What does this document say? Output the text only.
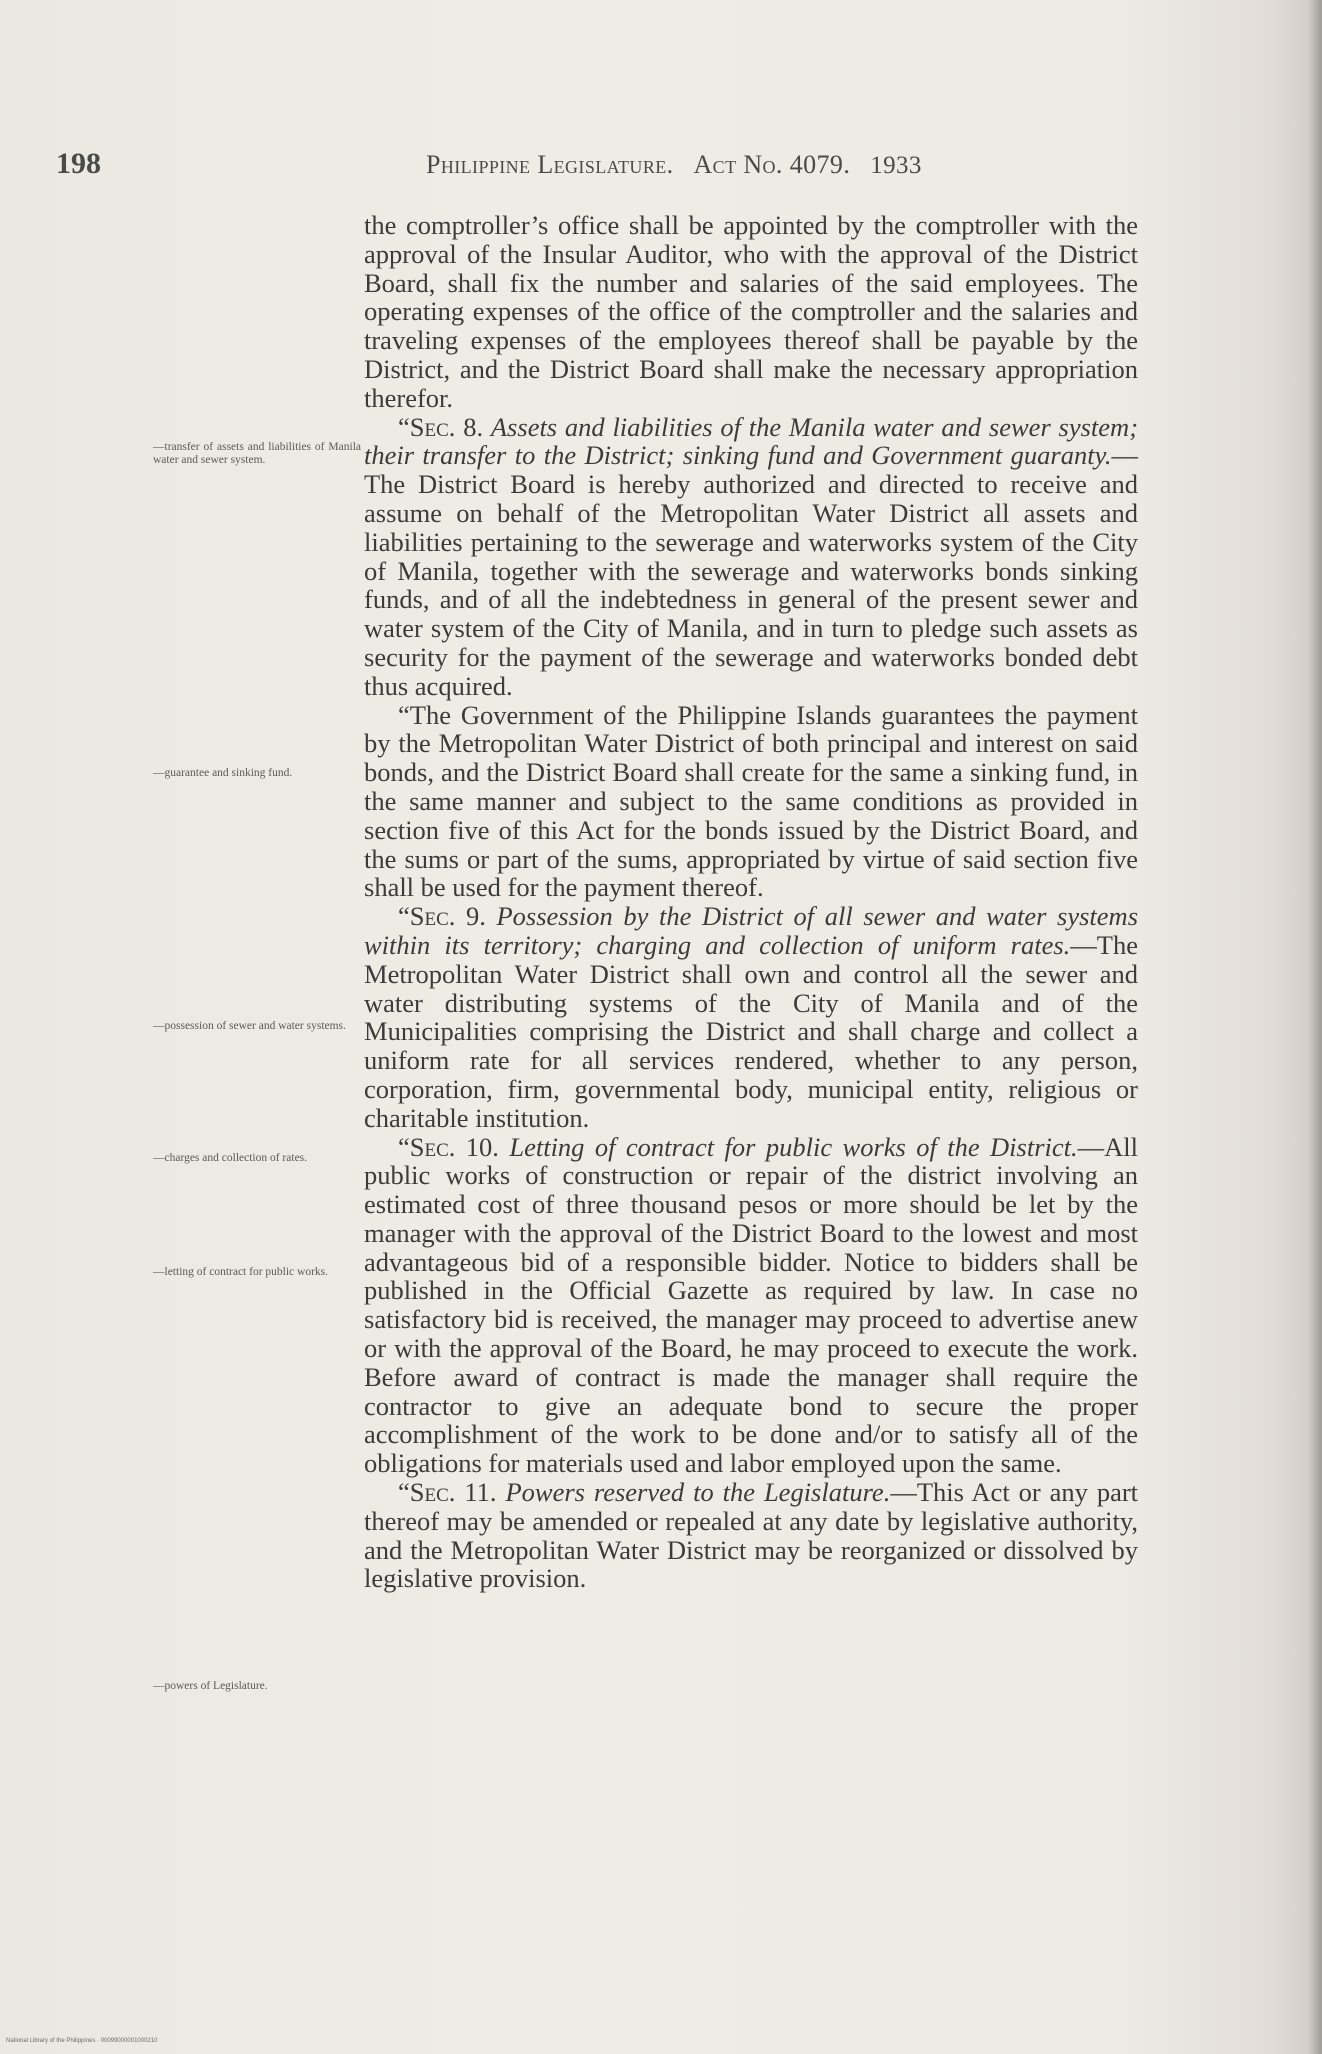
198	Philippine Legislature. Act No. 4079. 1933
—transfer of assets and liabilities of Manila water and sewer system.
—guarantee and sinking fund.
—possession of sewer and water systems.
—charges and collection of rates.
—letting of contract for public works.
—powers of Legislature.

the comptroller’s office shall be appointed by the comptroller with the approval of the Insular Auditor, who with the approval of the District Board, shall fix the number and salaries of the said employees. The operating expenses of the office of the comptroller and the salaries and traveling expenses of the employees thereof shall be payable by the District, and the District Board shall make the necessary appropriation therefor.

“Sec. 8. Assets and liabilities of the Manila water and sewer system; their transfer to the District; sinking fund and Government guaranty.—The District Board is hereby authorized and directed to receive and assume on behalf of the Metropolitan Water District all assets and liabilities pertaining to the sewerage and waterworks system of the City of Manila, together with the sewerage and waterworks bonds sinking funds, and of all the indebtedness in general of the present sewer and water system of the City of Manila, and in turn to pledge such assets as security for the payment of the sewerage and waterworks bonded debt thus acquired.

“The Government of the Philippine Islands guarantees the payment by the Metropolitan Water District of both principal and interest on said bonds, and the District Board shall create for the same a sinking fund, in the same manner and subject to the same conditions as provided in section five of this Act for the bonds issued by the District Board, and the sums or part of the sums, appropriated by virtue of said section five shall be used for the payment thereof.

“Sec. 9. Possession by the District of all sewer and water systems within its territory; charging and collection of uniform rates.—The Metropolitan Water District shall own and control all the sewer and water distributing systems of the City of Manila and of the Municipalities comprising the District and shall charge and collect a uniform rate for all services rendered, whether to any person, corporation, firm, governmental body, municipal entity, religious or charitable institution.

“Sec. 10. Letting of contract for public works of the District.—All public works of construction or repair of the district involving an estimated cost of three thousand pesos or more should be let by the manager with the approval of the District Board to the lowest and most advantageous bid of a responsible bidder. Notice to bidders shall be published in the Official Gazette as required by law. In case no satisfactory bid is received, the manager may proceed to advertise anew or with the approval of the Board, he may proceed to execute the work. Before award of contract is made the manager shall require the contractor to give an adequate bond to secure the proper accomplishment of the work to be done and/or to satisfy all of the obligations for materials used and labor employed upon the same.

“Sec. 11. Powers reserved to the Legislature.—This Act or any part thereof may be amended or repealed at any date by legislative authority, and the Metropolitan Water District may be reorganized or dissolved by legislative provision.

National Library of the Philippines · 00099000001000210
